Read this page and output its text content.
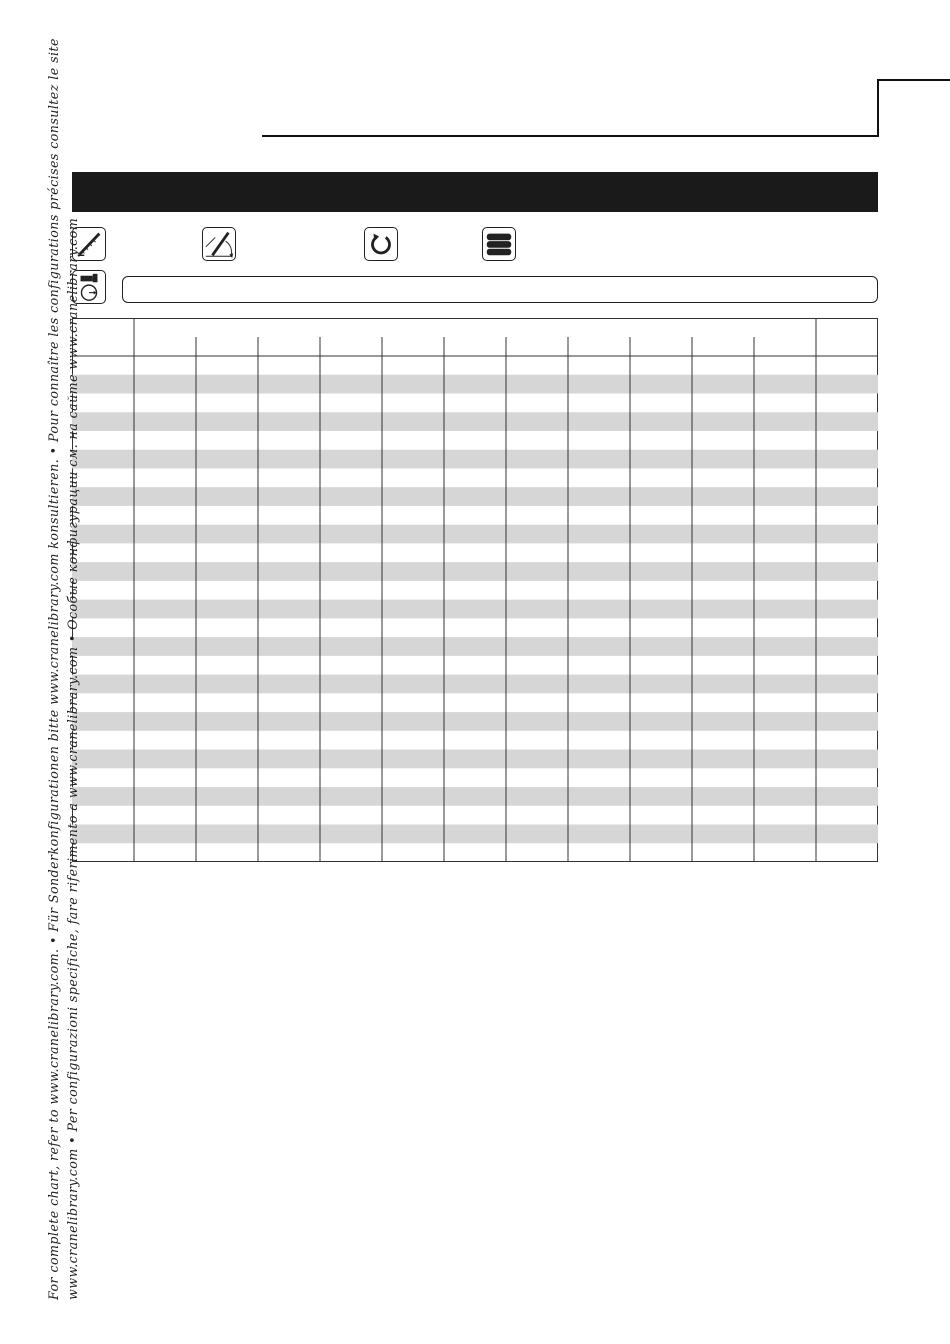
For complete chart, refer to www.cranelibrary.com. • Für Sonderkonfigurationen bitte www.cranelibrary.com konsultieren. • Pour connaître les configurations précises consultez le site www.cranelibrary.com • Per configurazioni specifiche, fare riferimento a www.cranelibrary.com • Особые конфигурации см. на сайте www.cranelibrary.com
